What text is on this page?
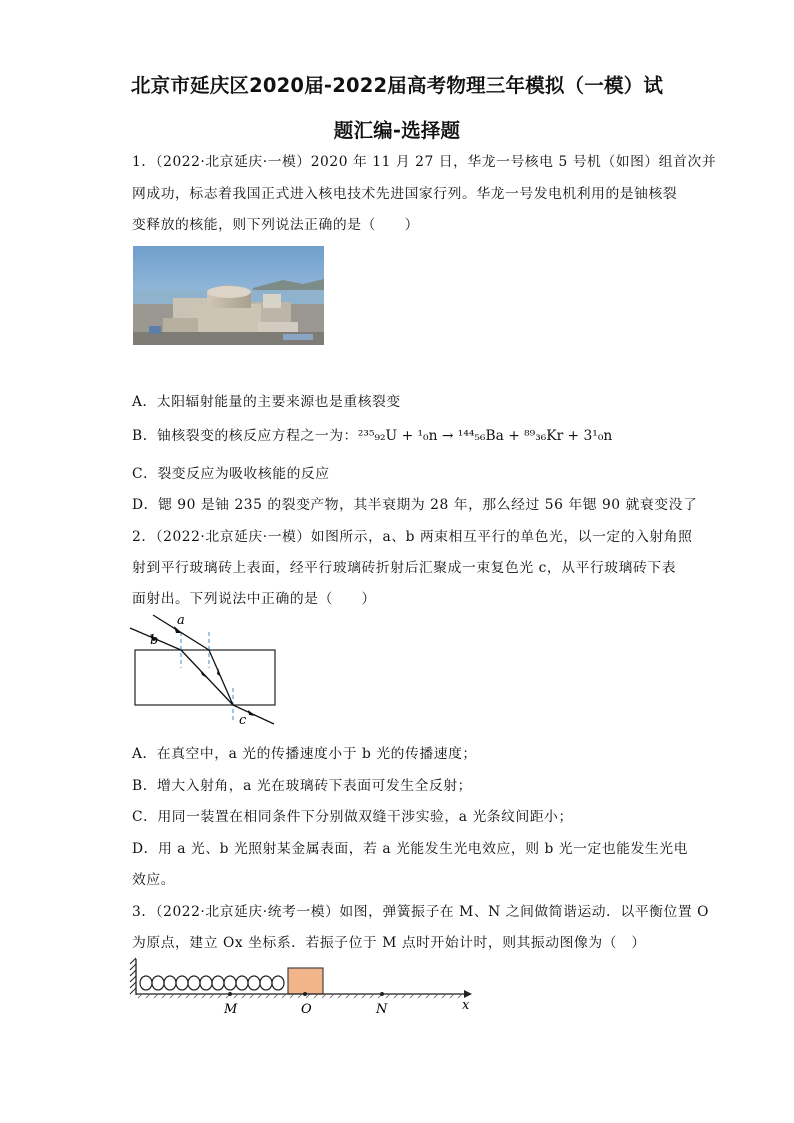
北京市延庆区2020届-2022届高考物理三年模拟（一模）试
题汇编-选择题
1．（2022·北京延庆·一模）2020 年 11 月 27 日，华龙一号核电 5 号机（如图）组首次并
网成功，标志着我国正式进入核电技术先进国家行列。华龙一号发电机利用的是铀核裂
变释放的核能，则下列说法正确的是（　　）
A．太阳辐射能量的主要来源也是重核裂变
B．铀核裂变的核反应方程之一为：²³⁵₉₂U + ¹₀n → ¹⁴⁴₅₆Ba + ⁸⁹₃₆Kr + 3¹₀n
C．裂变反应为吸收核能的反应
D．锶 90 是铀 235 的裂变产物，其半衰期为 28 年，那么经过 56 年锶 90 就衰变没了
2．（2022·北京延庆·一模）如图所示，a、b 两束相互平行的单色光，以一定的入射角照
射到平行玻璃砖上表面，经平行玻璃砖折射后汇聚成一束复色光 c，从平行玻璃砖下表
面射出。下列说法中正确的是（　　）
a
b
c
A．在真空中，a 光的传播速度小于 b 光的传播速度；
B．增大入射角，a 光在玻璃砖下表面可发生全反射；
C．用同一装置在相同条件下分别做双缝干涉实验，a 光条纹间距小；
D．用 a 光、b 光照射某金属表面，若 a 光能发生光电效应，则 b 光一定也能发生光电
效应。
3．（2022·北京延庆·统考一模）如图，弹簧振子在 M、N 之间做简谐运动．以平衡位置 O
为原点，建立 Ox 坐标系．若振子位于 M 点时开始计时，则其振动图像为（　）
M	O	N	x
